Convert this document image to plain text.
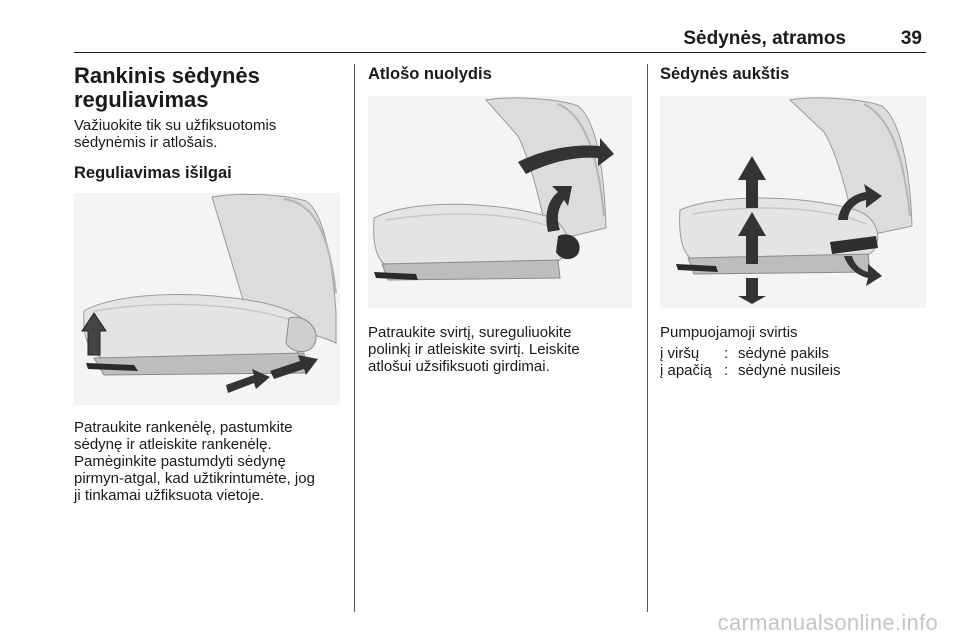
Sėdynės, atramos	39
Rankinis sėdynės
reguliavimas
Važiuokite tik su užfiksuotomis
sėdynėmis ir atlošais.
Reguliavimas išilgai
Patraukite rankenėlę, pastumkite
sėdynę ir atleiskite rankenėlę.
Pamėginkite pastumdyti sėdynę
pirmyn-atgal, kad užtikrintumėte, jog
ji tinkamai užfiksuota vietoje.
Atlošo nuolydis
Patraukite svirtį, sureguliuokite
polinkį ir atleiskite svirtį. Leiskite
atlošui užsifiksuoti girdimai.
Sėdynės aukštis
Pumpuojamoji svirtis
į viršų	: sėdynė pakils
į apačią : sėdynė nusileis
carmanualsonline.info
